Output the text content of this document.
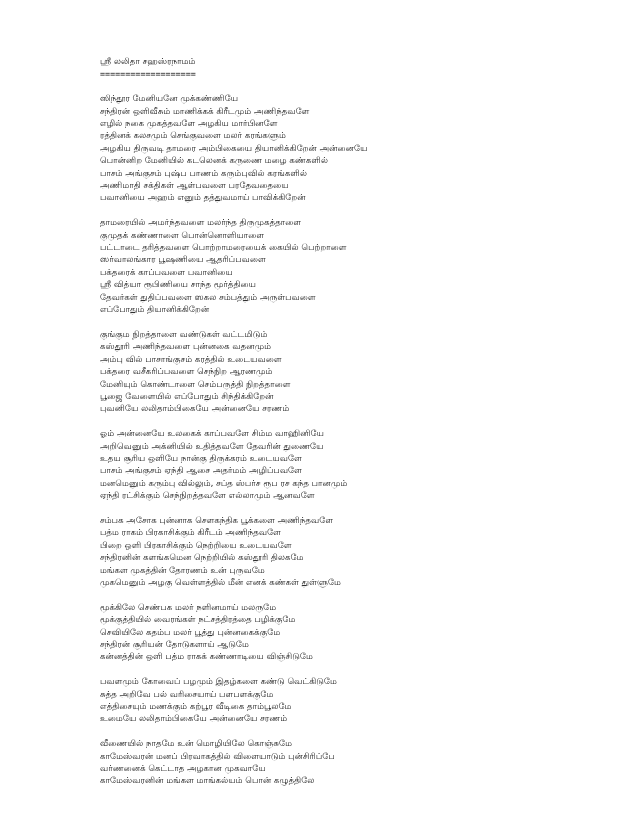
ஸ்ரீ லலிதா சஹஸ்ரநாமம்
===================
ஸிந்தூர மேனியனே முக்கண்ணியே
சந்திரன் ஒளிவீசும் மாணிக்கக் கிரீடமும் அணிந்தவளே
எழில் நகை முகத்தவளே அழகிய மார்பினளே
ரத்தினக் கலசமும் செங்குவளை மலர் கரங்களும்
அழகிய திருவடி தாமரை அம்பிகையை தியானிக்கிறேன் அன்னையே
பொன்னிற மேனியில் கடலெனக் கருணை மழை கண்களில்
பாசம் அங்குசம் புஷ்ப பாணம் கரும்புவில் கரங்களில்
அணிமாதி சக்திகள் ஆள்பவளை பரதேவதையை
பவானியை அஹம் எனும் தத்துவமாய் பாவிக்கிறேன்
தாமரையில் அமர்ந்தவளை மலர்ந்த திருமுகத்தாளை
குமுதக் கண்ணாளை பொன்னொளியாளை
பட்டாடை தரித்தவளை பொற்றாமரையைக் கையில் பெற்றாளை
ஸர்வாலங்கார பூஷணியை ஆதரிப்பவளை
பக்தரைக் காப்பவளை பவானியை
ஸ்ரீ வித்யா ரூபிணியை சாந்த மூர்த்தியை
தேவர்கள் துதிப்பவளை ஸகல சம்பத்தும் அருள்பவளை
எப்போதும் தியானிக்கிறேன்
குங்கும நிறத்தாளை வண்டுகள் வட்டமிடும்
கஸ்தூரி அணிந்தவளை புன்னகை வதனமும்
அம்பு வில் பாசாங்குசம் கரத்தில் உடையவளை
பக்தரை வசீகரிப்பவளை செந்நிற ஆரணமும்
மேனியும் கொண்டாளை செம்பருத்தி நிறத்தாளை
பூஜை வேளையில் எப்போதும் சிந்திக்கிறேன்
புவனியே லலிதாம்பிகையே அன்னையே சரணம்
ஓம் அன்னையே உலகைக் காப்பவளே சிம்ம வாஹினியே
அறிவெனும் அக்னியில் உதித்தவளே தேவரின் துணையே
உதய சூரிய ஒளியே நான்கு திருக்கரம் உடையவளே
பாசம் அங்குசம் ஏந்தி ஆசை அதர்மம் அழிப்பவளே
மனமெனும் கரும்பு வில்லும், சப்த ஸ்பர்ச ரூப ரச கந்த பானமும்
ஏந்தி ரட்சிக்கும் செந்நிறத்தவளே எல்லாமும் ஆனவளே
சம்பக அசோக புன்னாக சௌகந்திக பூக்களை அணிந்தவளே
பத்ம ராகம் பிரகாசிக்கும் கிரீடம் அணிந்தவளே
பிறை ஒளி பிரகாசிக்கும் நெற்றியை உடையவளே
சந்திரனின் களங்கமென நெற்றியில் கஸ்தூரி திலகமே
மங்கள முகத்தின் தோரணம் உன் புருவமே
முகமெனும் அழகு வெள்ளத்தில் மீன் எனக் கண்கள் துள்ளுமே
மூக்கிலே செண்பக மலர் நளினமாய் மலருமே
மூக்குத்தியில் வைரங்கள் நட்சத்திரத்தை பழிக்குமே
செவியிலே கதம்ப மலர் பூத்து புன்னகைக்குமே
சந்திரன் சூரியன் தோடுகளாய் ஆடுமே
கன்னத்தின் ஒளி பத்ம ராகக் கண்ணாடியை விஞ்சிடுமே
பவளமும் கோவைப் பழமும் இதழ்களை கண்டு வெட்கிடுமே
சுத்த அறிவே பல் வரிசையாய் பளபளக்குமே
எத்திசையும் மணக்கும் கற்பூர வீடிகை தாம்பூலமே
உமையே லலிதாம்பிகையே அன்னையே சரணம்
வீணையில் நாதமே உன் மொழியிலே கொஞ்சுமே
காமேஸ்வரன் மனப் பிரவாகத்தில் விளையாடும் புன்சிரிப்பே
வர்ணனைக் கெட்டாத அழகான முகவாயே
காமேஸ்வரனின் மங்கள மாங்கல்யம் பொன் கழுத்திலே
